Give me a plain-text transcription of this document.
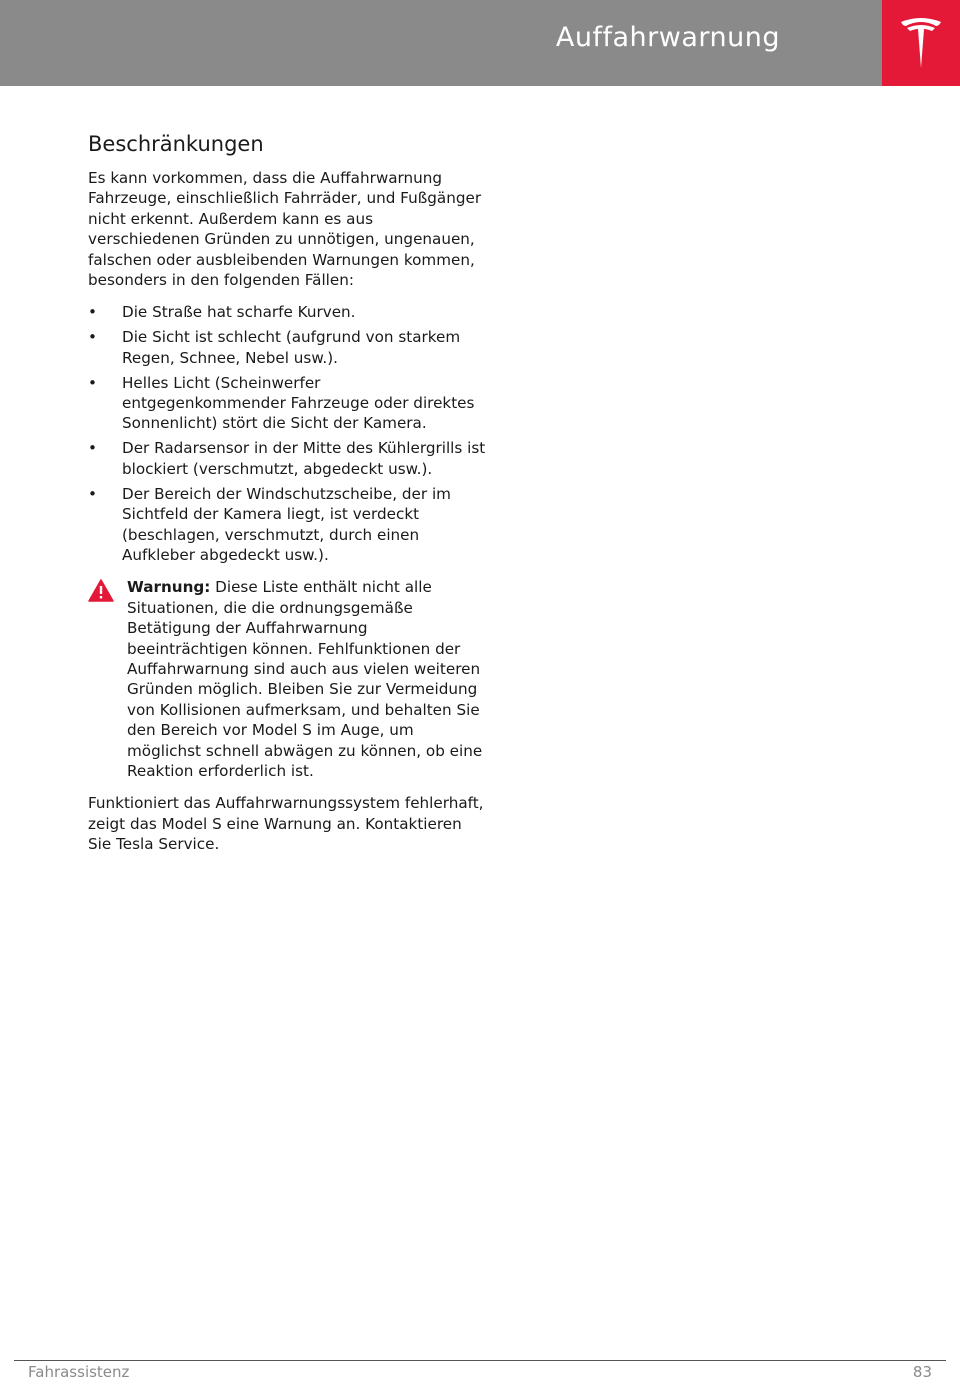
Auffahrwarnung
Beschränkungen

Es kann vorkommen, dass die Auffahrwarnung Fahrzeuge, einschließlich Fahrräder, und Fußgänger nicht erkennt. Außerdem kann es aus verschiedenen Gründen zu unnötigen, ungenauen, falschen oder ausbleibenden Warnungen kommen, besonders in den folgenden Fällen:

• Die Straße hat scharfe Kurven.
• Die Sicht ist schlecht (aufgrund von starkem Regen, Schnee, Nebel usw.).
• Helles Licht (Scheinwerfer entgegenkommender Fahrzeuge oder direktes Sonnenlicht) stört die Sicht der Kamera.
• Der Radarsensor in der Mitte des Kühlergrills ist blockiert (verschmutzt, abgedeckt usw.).
• Der Bereich der Windschutzscheibe, der im Sichtfeld der Kamera liegt, ist verdeckt (beschlagen, verschmutzt, durch einen Aufkleber abgedeckt usw.).
Warnung: Diese Liste enthält nicht alle Situationen, die die ordnungsgemäße Betätigung der Auffahrwarnung beeinträchtigen können. Fehlfunktionen der Auffahrwarnung sind auch aus vielen weiteren Gründen möglich. Bleiben Sie zur Vermeidung von Kollisionen aufmerksam, und behalten Sie den Bereich vor Model S im Auge, um möglichst schnell abwägen zu können, ob eine Reaktion erforderlich ist.

Funktioniert das Auffahrwarnungssystem fehlerhaft, zeigt das Model S eine Warnung an. Kontaktieren Sie Tesla Service.

Fahrassistenz	83
